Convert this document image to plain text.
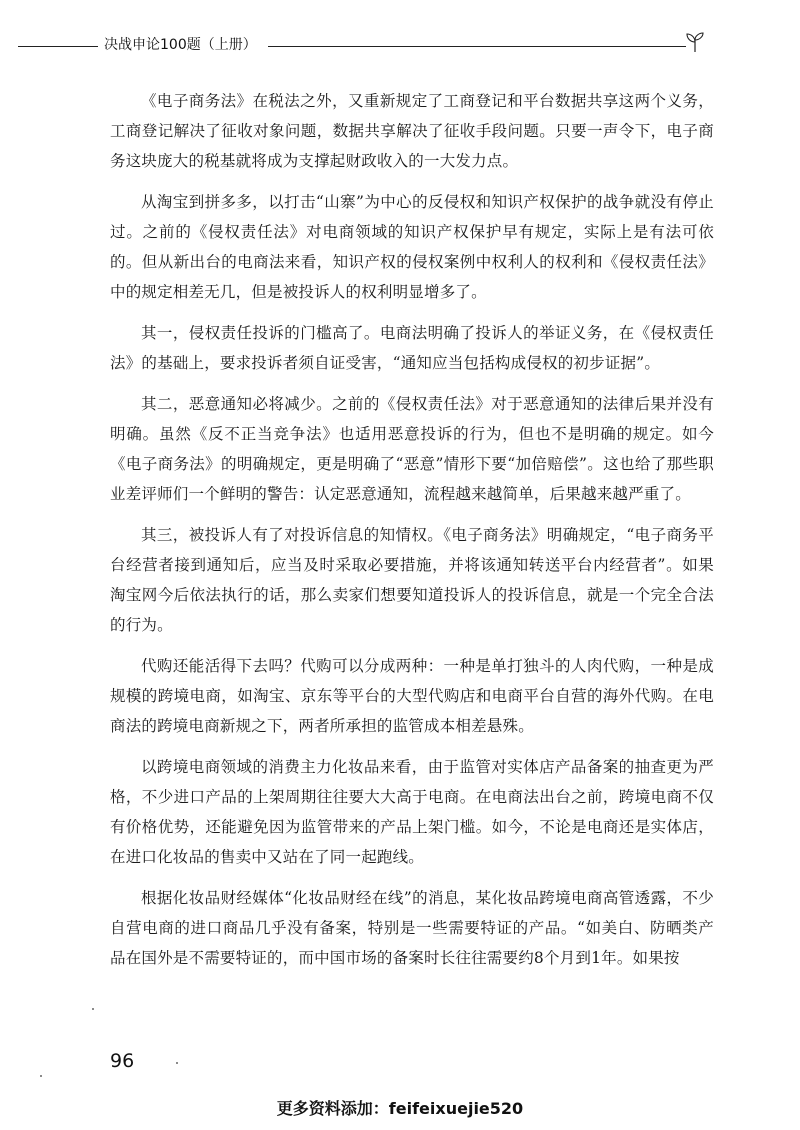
决战申论100题（上册）

《电子商务法》在税法之外，又重新规定了工商登记和平台数据共享这两个义务，工商登记解决了征收对象问题，数据共享解决了征收手段问题。只要一声令下，电子商务这块庞大的税基就将成为支撑起财政收入的一大发力点。

从淘宝到拼多多，以打击“山寨”为中心的反侵权和知识产权保护的战争就没有停止过。之前的《侵权责任法》对电商领域的知识产权保护早有规定，实际上是有法可依的。但从新出台的电商法来看，知识产权的侵权案例中权利人的权利和《侵权责任法》中的规定相差无几，但是被投诉人的权利明显增多了。

其一，侵权责任投诉的门槛高了。电商法明确了投诉人的举证义务，在《侵权责任法》的基础上，要求投诉者须自证受害，“通知应当包括构成侵权的初步证据”。

其二，恶意通知必将减少。之前的《侵权责任法》对于恶意通知的法律后果并没有明确。虽然《反不正当竞争法》也适用恶意投诉的行为，但也不是明确的规定。如今《电子商务法》的明确规定，更是明确了“恶意”情形下要“加倍赔偿”。这也给了那些职业差评师们一个鲜明的警告：认定恶意通知，流程越来越简单，后果越来越严重了。

其三，被投诉人有了对投诉信息的知情权。《电子商务法》明确规定，“电子商务平台经营者接到通知后，应当及时采取必要措施，并将该通知转送平台内经营者”。如果淘宝网今后依法执行的话，那么卖家们想要知道投诉人的投诉信息，就是一个完全合法的行为。

代购还能活得下去吗？代购可以分成两种：一种是单打独斗的人肉代购，一种是成规模的跨境电商，如淘宝、京东等平台的大型代购店和电商平台自营的海外代购。在电商法的跨境电商新规之下，两者所承担的监管成本相差悬殊。

以跨境电商领域的消费主力化妆品来看，由于监管对实体店产品备案的抽查更为严格，不少进口产品的上架周期往往要大大高于电商。在电商法出台之前，跨境电商不仅有价格优势，还能避免因为监管带来的产品上架门槛。如今，不论是电商还是实体店，在进口化妆品的售卖中又站在了同一起跑线。

根据化妆品财经媒体“化妆品财经在线”的消息，某化妆品跨境电商高管透露，不少自营电商的进口商品几乎没有备案，特别是一些需要特证的产品。“如美白、防晒类产品在国外是不需要特证的，而中国市场的备案时长往往需要约8个月到1年。如果按

96
更多资料添加：feifeixuejie520
